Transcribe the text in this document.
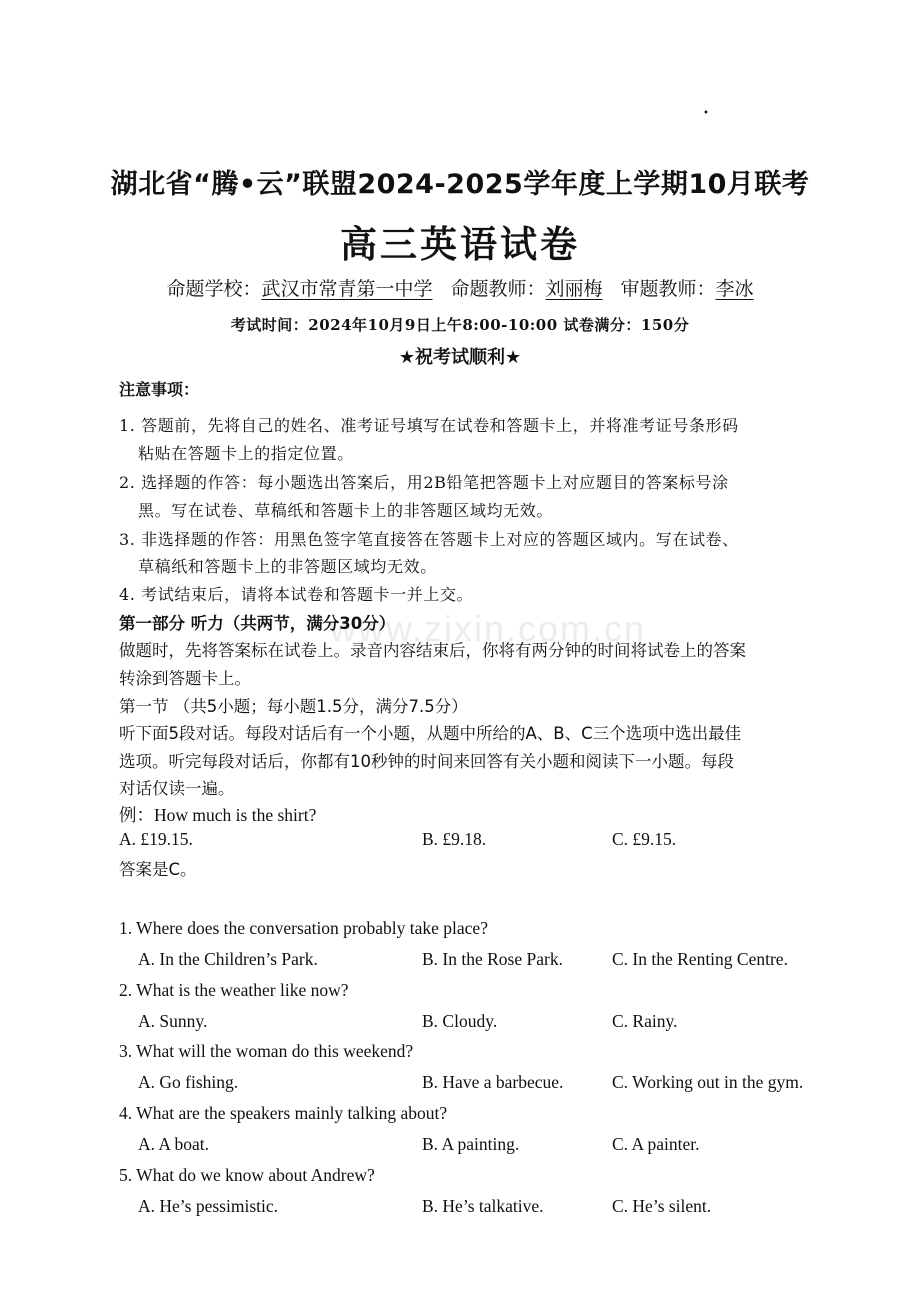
•
湖北省“腾•云”联盟2024-2025学年度上学期10月联考
高三英语试卷
命题学校：武汉市常青第一中学 命题教师：刘丽梅 审题教师：李冰
考试时间：2024年10月9日上午8:00-10:00 试卷满分：150分
★祝考试顺利★
注意事项：
1. 答题前，先将自己的姓名、准考证号填写在试卷和答题卡上，并将准考证号条形码
粘贴在答题卡上的指定位置。
2. 选择题的作答：每小题选出答案后，用2B铅笔把答题卡上对应题目的答案标号涂
黑。写在试卷、草稿纸和答题卡上的非答题区域均无效。
3. 非选择题的作答：用黑色签字笔直接答在答题卡上对应的答题区域内。写在试卷、
草稿纸和答题卡上的非答题区域均无效。
4. 考试结束后，请将本试卷和答题卡一并上交。
www.zixin.com.cn
第一部分 听力（共两节，满分30分）
做题时，先将答案标在试卷上。录音内容结束后，你将有两分钟的时间将试卷上的答案
转涂到答题卡上。
第一节 （共5小题；每小题1.5分，满分7.5分）
听下面5段对话。每段对话后有一个小题，从题中所给的A、B、C三个选项中选出最佳
选项。听完每段对话后，你都有10秒钟的时间来回答有关小题和阅读下一小题。每段
对话仅读一遍。
例：How much is the shirt?
A. £19.15.	B. £9.18.	C. £9.15.
答案是C。
1. Where does the conversation probably take place?
A. In the Children’s Park.	B. In the Rose Park.	C. In the Renting Centre.
2. What is the weather like now?
A. Sunny.	B. Cloudy.	C. Rainy.
3. What will the woman do this weekend?
A. Go fishing.	B. Have a barbecue.	C. Working out in the gym.
4. What are the speakers mainly talking about?
A. A boat.	B. A painting.	C. A painter.
5. What do we know about Andrew?
A. He’s pessimistic.	B. He’s talkative.	C. He’s silent.
